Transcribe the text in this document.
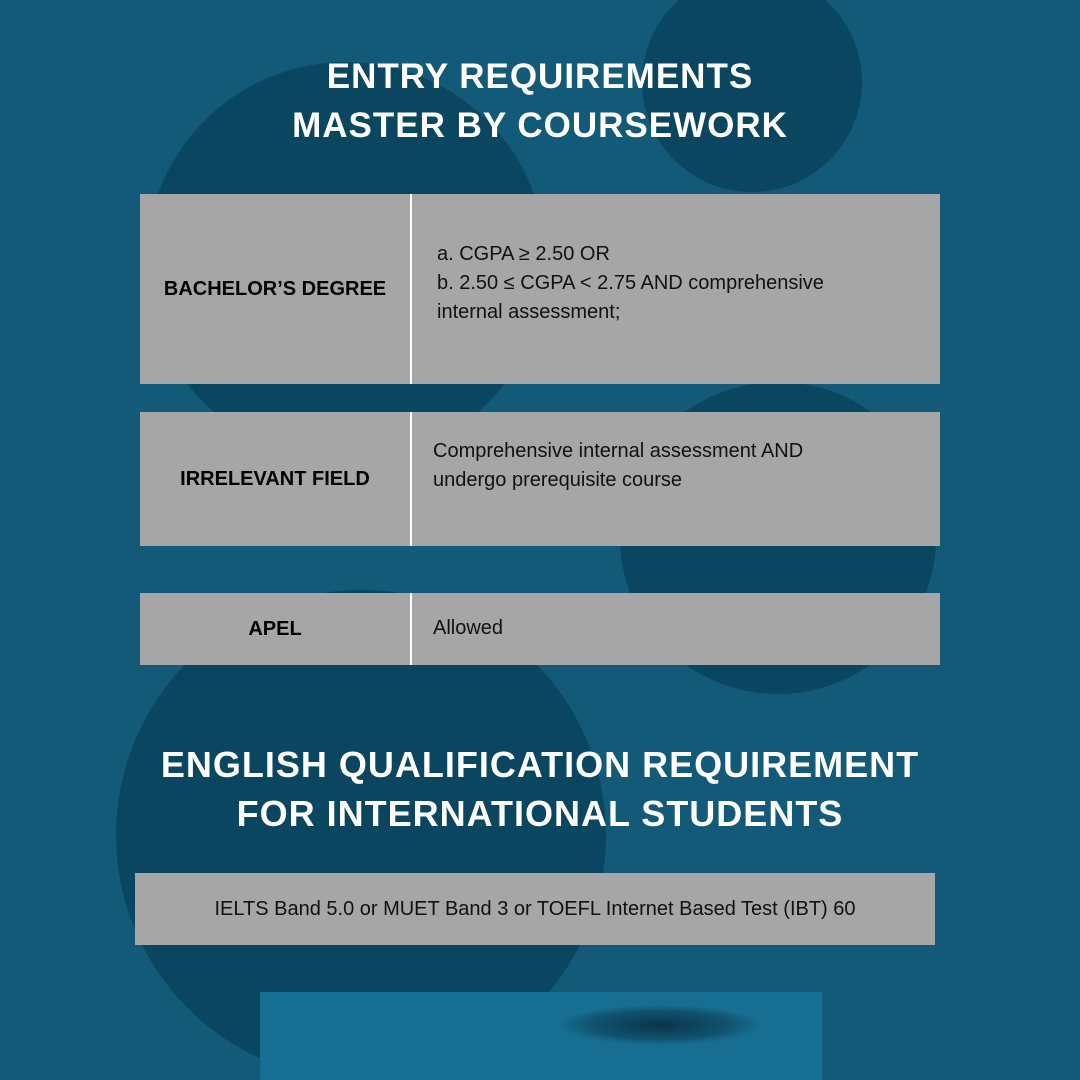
ENTRY REQUIREMENTS
MASTER BY COURSEWORK
BACHELOR’S DEGREE
a. CGPA ≥ 2.50 OR
b. 2.50 ≤ CGPA < 2.75 AND comprehensive
internal assessment;
IRRELEVANT FIELD
Comprehensive internal assessment AND
undergo prerequisite course
APEL	Allowed
ENGLISH QUALIFICATION REQUIREMENT
FOR INTERNATIONAL STUDENTS
IELTS Band 5.0 or MUET Band 3 or TOEFL Internet Based Test (IBT) 60
